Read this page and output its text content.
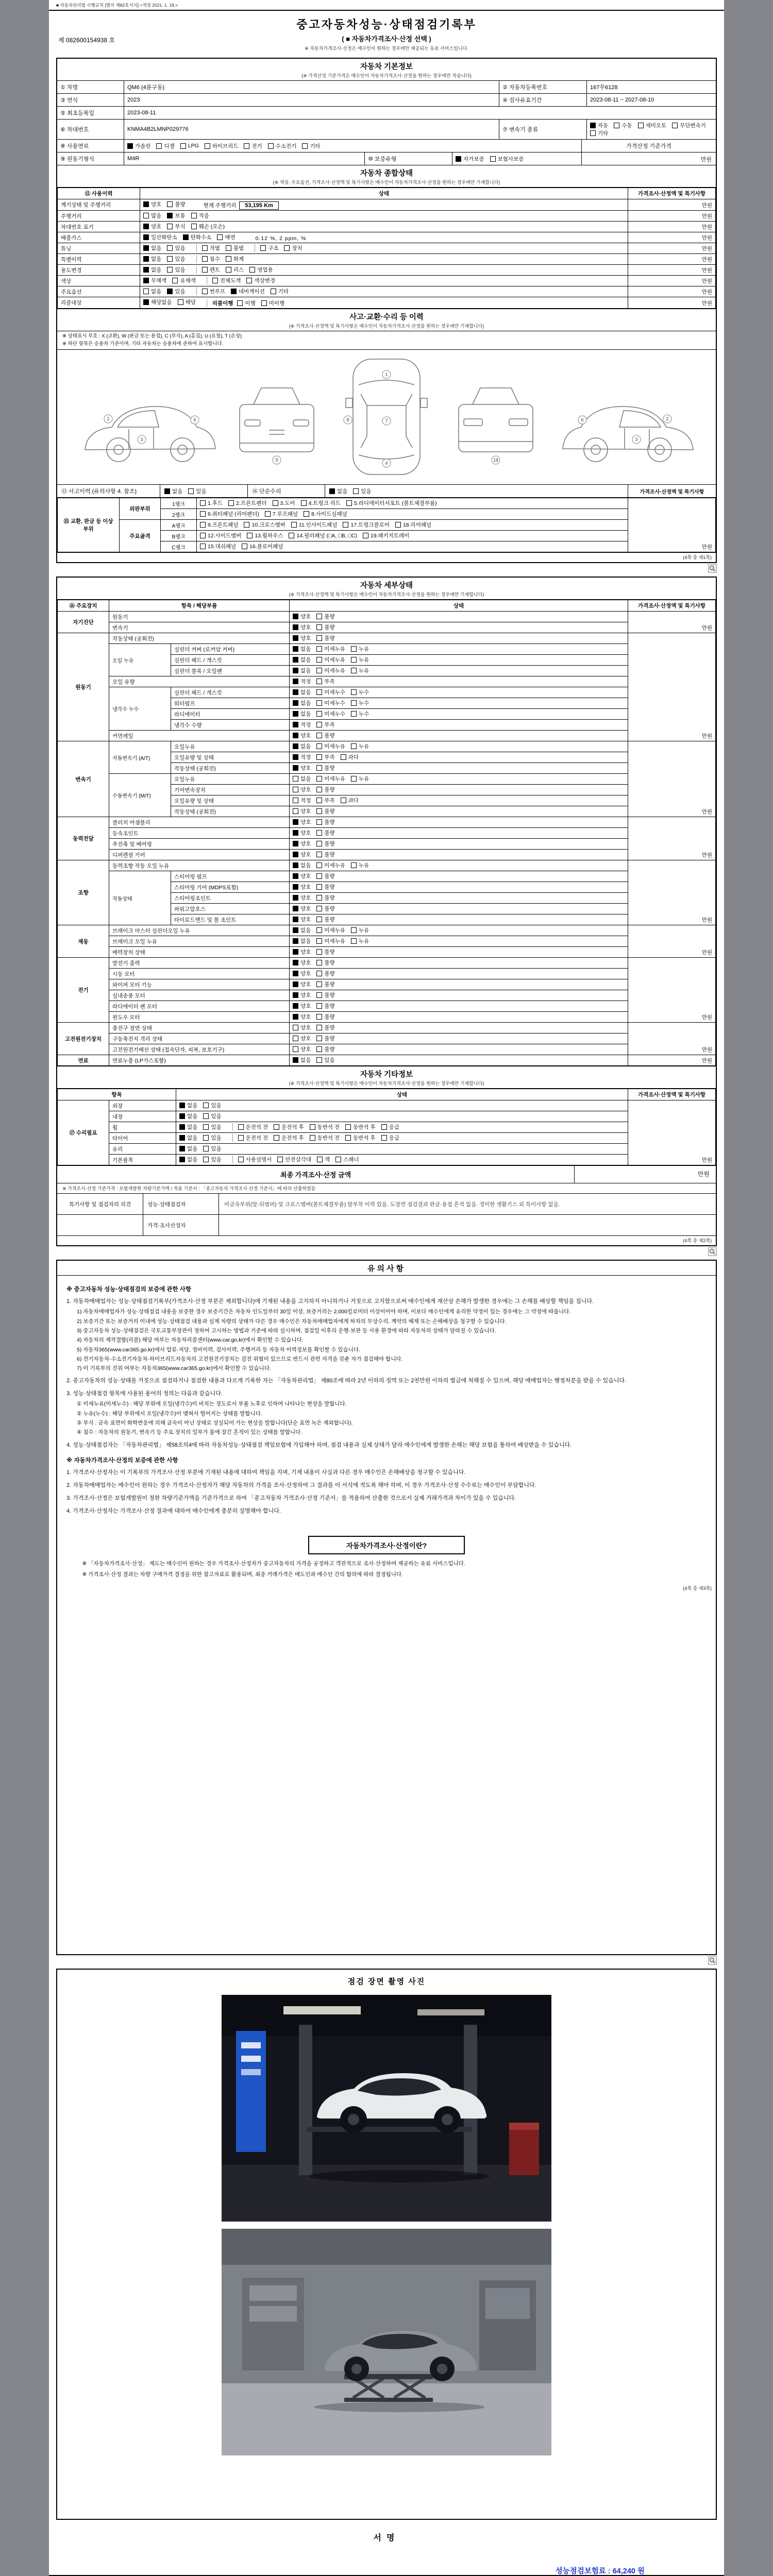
■ 자동차관리법 시행규칙 [별지 제82호서식] <개정 2021. 1. 19.>
제 082600154938 호
중고자동차성능·상태점검기록부
( ■ 자동차가격조사·산정 선택 )
※ 자동차가격조사·산정은 매수인이 원하는 경우에만 제공되는 유료 서비스입니다.
자동차 기본정보
(※ 가격산정 기준가격은 매수인이 자동차가격조사·산정을 원하는 경우에만 적습니다)
① 차명	QM6 (4륜구동)	② 자동차등록번호	167무6128
③ 연식	2023	④ 검사유효기간	2023-08-11 ~ 2027-08-10
⑤ 최초등록일	2023-08-11
⑥ 차대번호	KNMA4B2LMNP029776	⑦ 변속기 종류
자동	수동	세미오토	무단변속기
기타
⑧ 사용연료	가솔린	디젤	LPG	하이브리드	전기	수소전기	기타
⑨ 원동기형식	M4R	⑩ 보증유형	자가보증	보험사보증
가격산정 기준가격
만원
자동차 종합상태
(※ 색상, 주요옵션, 가격조사·산정액 및 특기사항은 매수인이 자동차가격조사·산정을 원하는 경우에만 기재합니다)
⑪ 사용이력	상태	가격조사·산정액 및 특기사항
계기상태 및 주행거리	양호 불량 현재 주행거리 53,195 Km	만원
주행거리	많음 보통 적음	만원
차대번호 표기	양호 부식 훼손 (오손)	만원
배출가스	일산화탄소 탄화수소 매연 0.12 %, 2 ppm, %	만원
튜닝	없음	있음	적법	불법	구조	장치	만원
특별이력	없음 있음 침수 화재	만원
용도변경	없음 있음 렌트 리스 영업용	만원
색상	무채색 유채색 전체도색 색상변경	만원
주요옵션	없음 있음 썬루프 네비게이션 기타	만원
리콜대상	해당없음 해당 리콜이행 이행 미이행	만원
사고·교환·수리 등 이력
(※ 가격조사·산정액 및 특기사항은 매수인이 자동차가격조사·산정을 원하는 경우에만 기재합니다)
※ 상태표시 부호 : X (교환), W (판금 또는 용접), C (부식), A (흠집), U (요철), T (손상)
※ 하단 항목은 승용차 기준이며, 기타 자동차는 승용차에 준하여 표시합니다.
2
3
6
9
1
7
4
8
18
2
3
6
⑬ 사고이력 (유의사항 4. 참조)	없음	있음	⑭ 단순수리	없음	있음	가격조사·산정액 및 특기사항
⑮ 교환, 판금 등 이상 부위	외판부위	1랭크	1.후드 2.프론트펜더 3.도어 4.트렁크 리드 5.라디에이터서포트 (볼트체결부품)	만원
		2랭크	6.쿼터패널 (리어펜더) 7.루프패널 8.사이드실패널	
	주요골격	A랭크	9.프론트패널 10.크로스멤버 11.인사이드패널 17.트렁크플로어 18.리어패널	
		B랭크	12.사이드멤버 13.휠하우스 14.필러패널 (□A, □B, □C) 19.패키지트레이	
		C랭크	15.대쉬패널 16.플로어패널	
(4쪽 중 제1쪽)
자동차 세부상태
(※ 가격조사·산정액 및 특기사항은 매수인이 자동차가격조사·산정을 원하는 경우에만 기재합니다)
⑯ 주요장치	항목 / 해당부품		상태	가격조사·산정액 및 특기사항
자기진단	원동기		양호 불량	만원
	변속기		양호 불량	
원동기	작동상태 (공회전)		양호 불량	만원
	오일 누유	실린더 커버 (로커암 커버)	없음 미세누유 누유	
		실린더 헤드 / 개스킷	없음 미세누유 누유	
		실린더 블록 / 오일팬	없음 미세누유 누유	
	오일 유량		적정 부족	
	냉각수 누수	실린더 헤드 / 개스킷	없음 미세누수 누수	
		워터펌프	없음 미세누수 누수	
		라디에이터	없음 미세누수 누수	
		냉각수 수량	적정 부족	
	커먼레일		양호 불량	
변속기	자동변속기 (A/T)	오일누유	없음 미세누유 누유	만원
		오일유량 및 상태	적정 부족 과다	
		작동상태 (공회전)	양호 불량	
	수동변속기 (M/T)	오일누유	없음 미세누유 누유	
		기어변속장치	양호 불량	
		오일유량 및 상태	적정 부족 과다	
		작동상태 (공회전)	양호 불량	
동력전달	클러치 어셈블리		양호 불량	만원
	등속조인트		양호 불량	
	추진축 및 베어링		양호 불량	
	디퍼렌셜 기어		양호 불량	
조향	동력조향 작동 오일 누유		없음 미세누유 누유	만원
	작동상태	스티어링 펌프	양호 불량	
		스티어링 기어 (MDPS포함)	양호 불량	
		스티어링조인트	양호 불량	
		파워고압호스	양호 불량	
		타이로드엔드 및 볼 조인트	양호 불량	
제동	브레이크 마스터 실린더오일 누유		없음 미세누유 누유	만원
	브레이크 오일 누유		없음 미세누유 누유	
	배력장치 상태		양호 불량	
전기	발전기 출력		양호 불량	만원
	시동 모터		양호 불량	
	와이퍼 모터 기능		양호 불량	
	실내송풍 모터		양호 불량	
	라디에이터 팬 모터		양호 불량	
	윈도우 모터		양호 불량	
고전원전기장치	충전구 절연 상태		양호 불량	만원
	구동축전지 격리 상태		양호 불량	
	고전원전기배선 상태 (접속단자, 피복, 보호기구)		양호 불량	
연료	연료누출 (LP가스포함)		없음 있음	만원
자동차 기타정보
(※ 가격조사·산정액 및 특기사항은 매수인이 자동차가격조사·산정을 원하는 경우에만 기재합니다)
항목		상태	가격조사·산정액 및 특기사항
⑰ 수리필요	외장	없음 있음	만원
	내장	없음 있음	

휠	없음	있음	운전석 전	운전석 후	동반석 전	동반석 후	응급

타이어	없음	있음	운전석 전	운전석 후	동반석 전	동반석 후	응급

	유리	없음 있음	

기본품목	없음	있음	사용설명서	안전삼각대	잭	스패너
최종 가격조사·산정 금액	만원
※ 가격조사·산정 기준가격 : 보험개발원 차량기준가액 / 적용 기준서 : 「중고자동차 가격조사·산정 기준서」에 따라 산출하였음
특기사항 및 점검자의 의견	성능·상태점검자	비금속부위(앞·뒤범퍼) 및 크로스멤버(볼트체결부품) 탈부착 이력 있음. 도장면 점검결과 판금·용접 흔적 없음. 경미한 생활기스 외 특이사항 없음.
가격·조사산정자
(4쪽 중 제2쪽)
유의사항
※ 중고자동차 성능·상태점검의 보증에 관한 사항
1. 자동차매매업자는 성능·상태점검기록부(가격조사·산정 부분은 제외합니다)에 기재된 내용을 고지하지 아니하거나 거짓으로 고지함으로써 매수인에게 재산상 손해가 발생한 경우에는 그 손해를 배상할 책임을 집니다.
1) 자동차매매업자가 성능·상태점검 내용을 보증한 경우 보증기간은 자동차 인도일부터 30일 이상, 보증거리는 2,000킬로미터 이상이어야 하며, 이보다 매수인에게 유리한 약정이 있는 경우에는 그 약정에 따릅니다.
2) 보증기간 또는 보증거리 이내에 성능·상태점검 내용과 실제 차량의 상태가 다른 경우 매수인은 자동차매매업자에게 하자의 무상수리, 계약의 해제 또는 손해배상을 청구할 수 있습니다.
3) 중고자동차 성능·상태점검은 국토교통부장관이 정하여 고시하는 방법과 기준에 따라 실시하며, 점검일 이후의 운행·보관 등 사용 환경에 따라 자동차의 상태가 달라질 수 있습니다.
4) 자동차의 제작결함(리콜) 해당 여부는 자동차리콜센터(www.car.go.kr)에서 확인할 수 있습니다.
5) 자동차365(www.car365.go.kr)에서 압류·저당, 정비이력, 검사이력, 주행거리 등 자동차 이력정보를 확인할 수 있습니다.
6) 전기자동차·수소전기자동차·하이브리드자동차의 고전원전기장치는 감전 위험이 있으므로 반드시 관련 자격을 갖춘 자가 점검해야 합니다.
7) 이 기록부의 진위 여부는 자동차365(www.car365.go.kr)에서 확인할 수 있습니다.
2. 중고자동차의 성능·상태를 거짓으로 점검하거나 점검한 내용과 다르게 기록한 자는 「자동차관리법」 제80조에 따라 2년 이하의 징역 또는 2천만원 이하의 벌금에 처해질 수 있으며, 해당 매매업자는 행정처분을 받을 수 있습니다.
3. 성능·상태점검 항목에 사용된 용어의 정의는 다음과 같습니다.
① 미세누유(미세누수) : 해당 부위에 오일(냉각수)이 비치는 정도로서 부품 노후로 인하여 나타나는 현상을 말합니다.
② 누유(누수) : 해당 부위에서 오일(냉각수)이 맺혀서 떨어지는 상태를 말합니다.
③ 부식 : 금속 표면이 화학반응에 의해 금속이 아닌 상태로 상실되어 가는 현상을 말합니다(단순 표면 녹은 제외합니다).
④ 침수 : 자동차의 원동기, 변속기 등 주요 장치의 일부가 물에 잠긴 흔적이 있는 상태를 말합니다.
4. 성능·상태점검자는 「자동차관리법」 제58조의4에 따라 자동차성능·상태점검 책임보험에 가입해야 하며, 점검 내용과 실제 상태가 달라 매수인에게 발생한 손해는 해당 보험을 통하여 배상받을 수 있습니다.
※ 자동차가격조사·산정의 보증에 관한 사항
1. 가격조사·산정자는 이 기록부의 가격조사·산정 부분에 기재된 내용에 대하여 책임을 지며, 기재 내용이 사실과 다른 경우 매수인은 손해배상을 청구할 수 있습니다.
2. 자동차매매업자는 매수인이 원하는 경우 가격조사·산정자가 해당 자동차의 가격을 조사·산정하여 그 결과를 이 서식에 적도록 해야 하며, 이 경우 가격조사·산정 수수료는 매수인이 부담합니다.
3. 가격조사·산정은 보험개발원이 정한 차량기준가액을 기준가격으로 하여 「중고자동차 가격조사·산정 기준서」를 적용하여 산출한 것으로서 실제 거래가격과 차이가 있을 수 있습니다.
4. 가격조사·산정자는 가격조사·산정 결과에 대하여 매수인에게 충분히 설명해야 합니다.
자동차가격조사·산정이란?
※ 「자동차가격조사·산정」 제도는 매수인이 원하는 경우 가격조사·산정자가 중고자동차의 가격을 공정하고 객관적으로 조사·산정하여 제공하는 유료 서비스입니다.
※ 가격조사·산정 결과는 차량 구매가격 결정을 위한 참고자료로 활용되며, 최종 거래가격은 매도인과 매수인 간의 합의에 따라 결정됩니다.
(4쪽 중 제3쪽)
점검 장면 촬영 사진
서명
성능점검보험료 : 64,240 원
